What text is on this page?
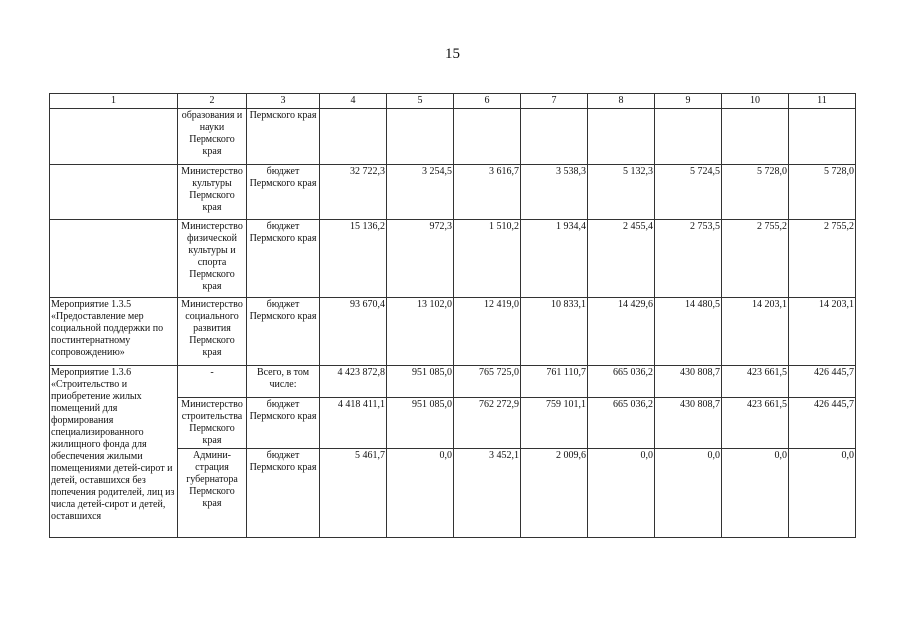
15
1	2	3	4	5	6	7	8	9	10	11
	образования и науки Пермского края	Пермского края								
	Министерство культуры Пермского края	бюджет Пермского края	32 722,3	3 254,5	3 616,7	3 538,3	5 132,3	5 724,5	5 728,0	5 728,0
	Министерство физической культуры и спорта Пермского края	бюджет Пермского края	15 136,2	972,3	1 510,2	1 934,4	2 455,4	2 753,5	2 755,2	2 755,2
Мероприятие 1.3.5 «Предоставление мер социальной поддержки по постинтернатному сопровождению»	Министерство социального развития Пермского края	бюджет Пермского края	93 670,4	13 102,0	12 419,0	10 833,1	14 429,6	14 480,5	14 203,1	14 203,1
Мероприятие 1.3.6 «Строительство и приобретение жилых помещений для формирования специализированного жилищного фонда для обеспечения жилыми помещениями детей-сирот и детей, оставшихся без попечения родителей, лиц из числа детей-сирот и детей, оставшихся	-	Всего, в том числе:	4 423 872,8	951 085,0	765 725,0	761 110,7	665 036,2	430 808,7	423 661,5	426 445,7
	Министерство строительства Пермского края	бюджет Пермского края	4 418 411,1	951 085,0	762 272,9	759 101,1	665 036,2	430 808,7	423 661,5	426 445,7
	Админи-страция губернатора Пермского края	бюджет Пермского края	5 461,7	0,0	3 452,1	2 009,6	0,0	0,0	0,0	0,0
